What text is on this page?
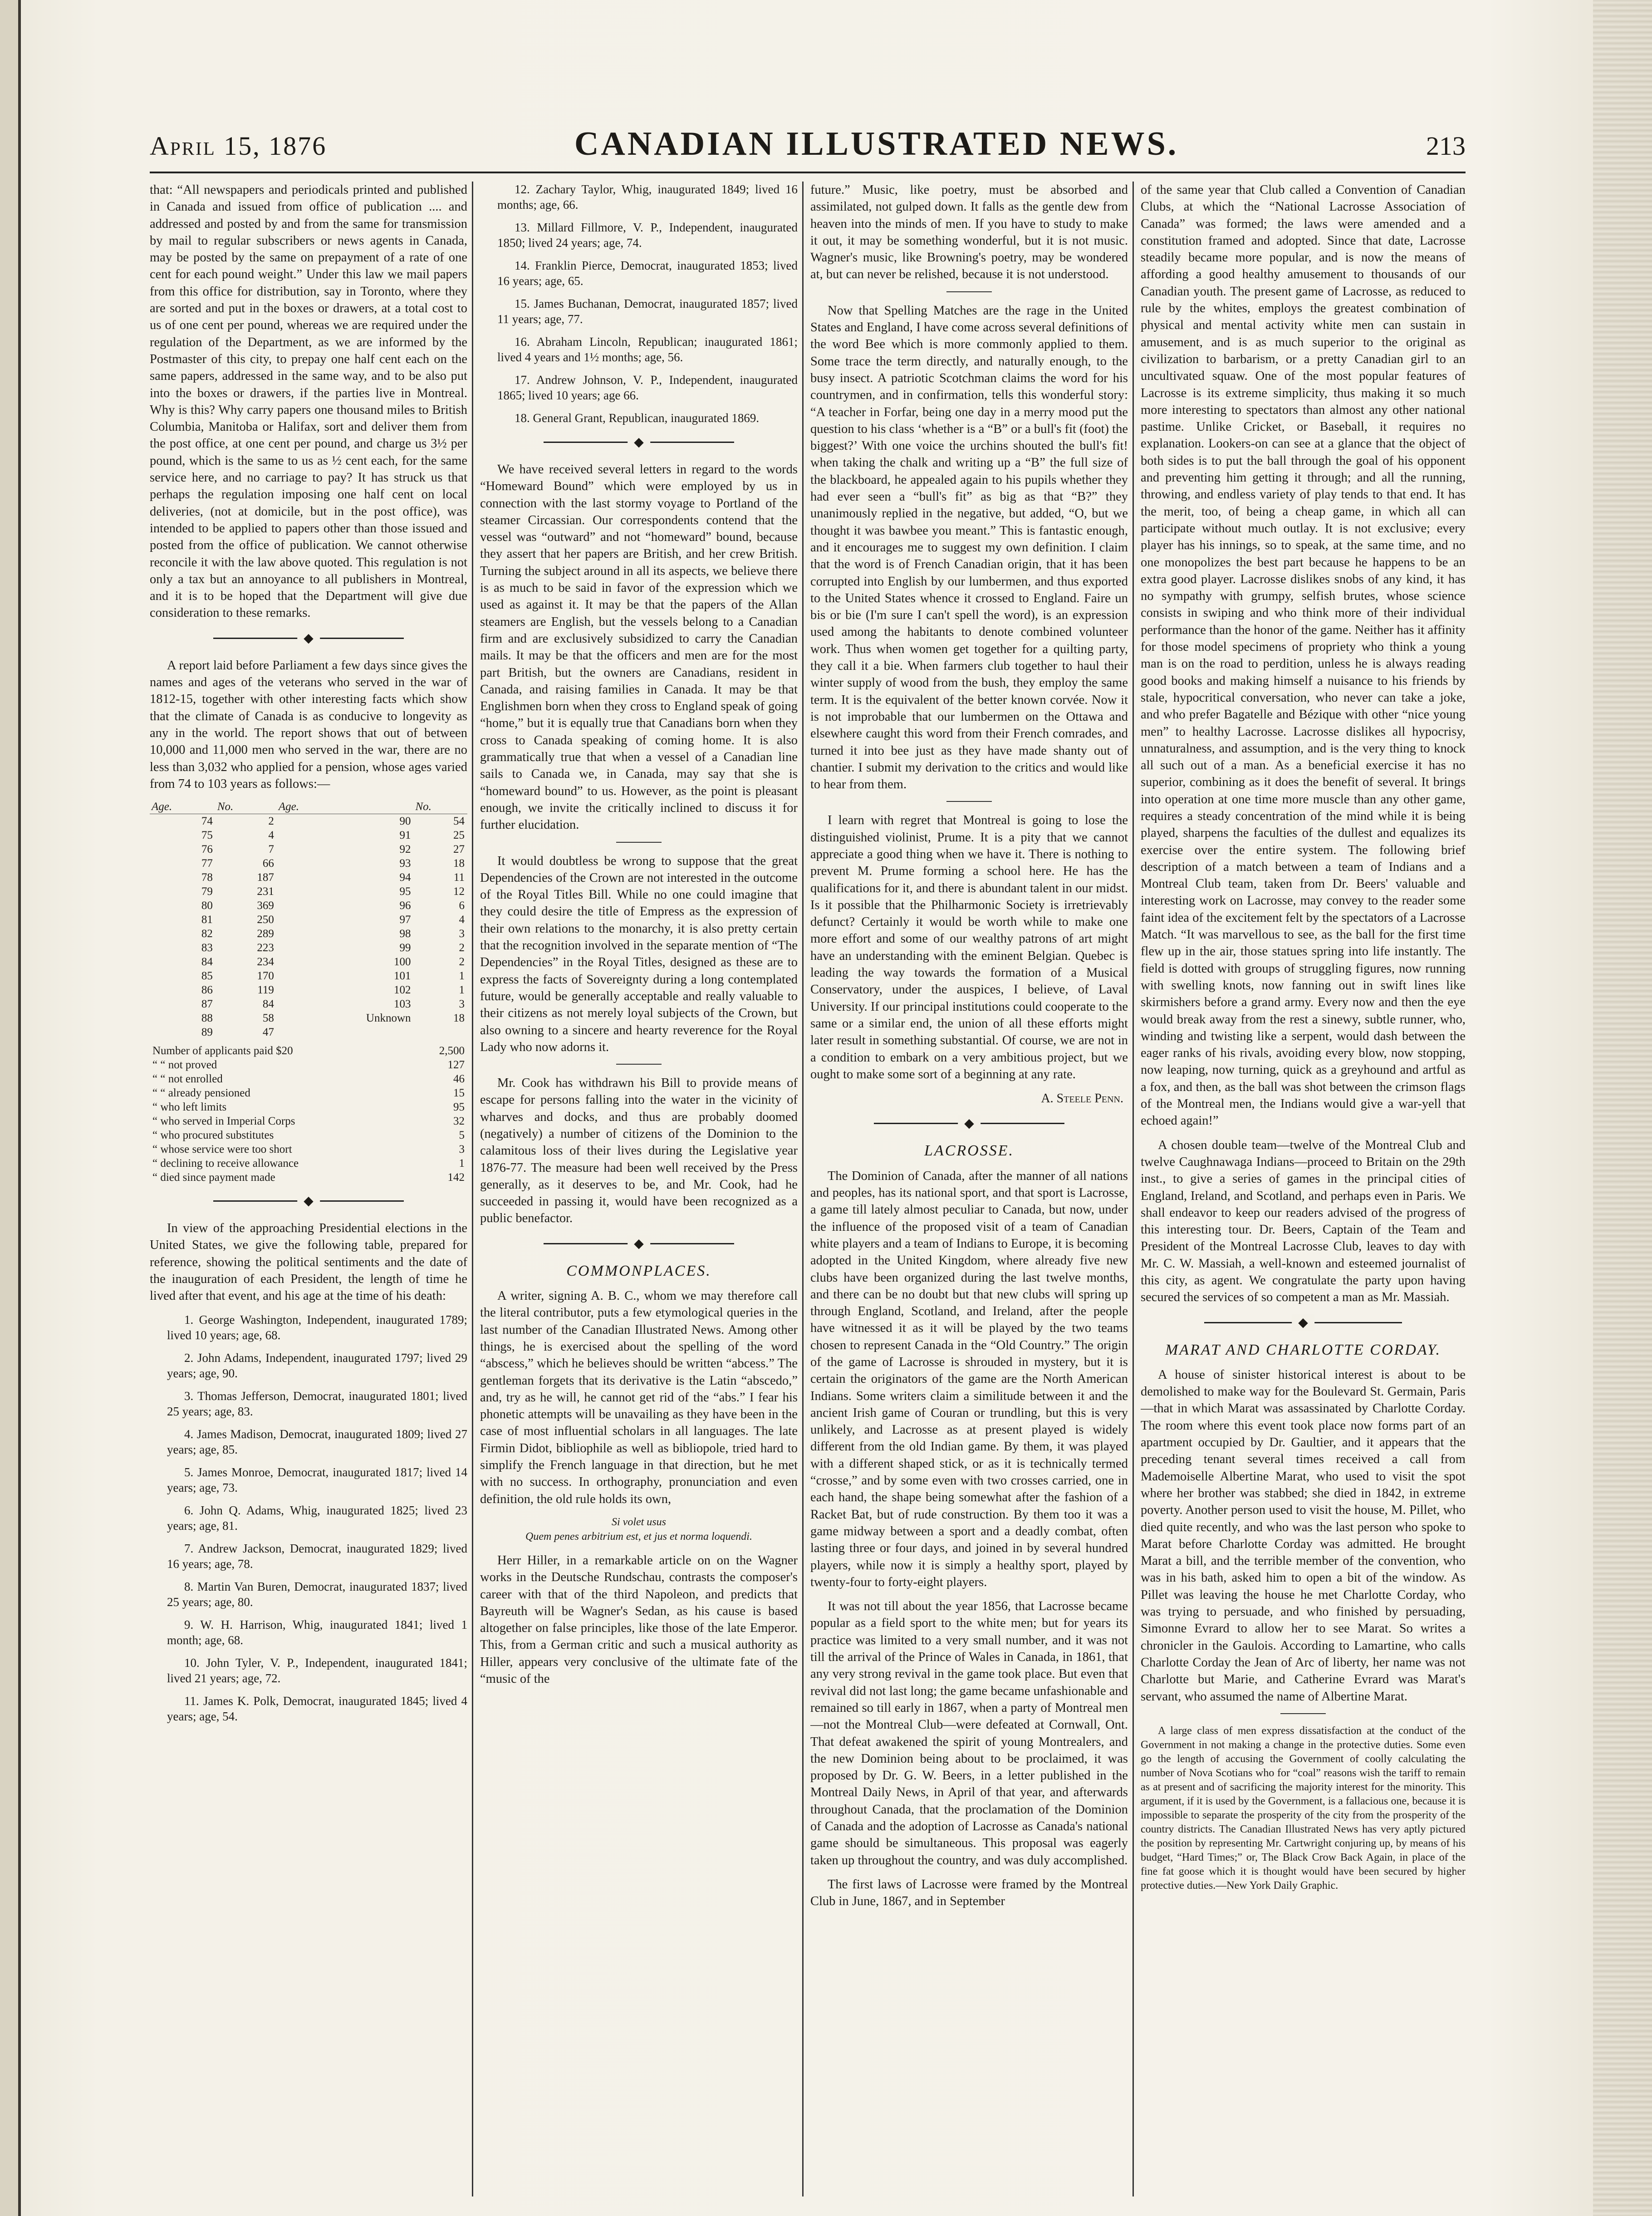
April 15, 1876	CANADIAN ILLUSTRATED NEWS.	213

that: “All newspapers and periodicals printed and published in Canada and issued from office of publication .... and addressed and posted by and from the same for transmission by mail to regular subscribers or news agents in Canada, may be posted by the same on prepayment of a rate of one cent for each pound weight.” Under this law we mail papers from this office for distribution, say in Toronto, where they are sorted and put in the boxes or drawers, at a total cost to us of one cent per pound, whereas we are required under the regulation of the Department, as we are informed by the Postmaster of this city, to prepay one half cent each on the same papers, addressed in the same way, and to be also put into the boxes or drawers, if the parties live in Montreal. Why is this? Why carry papers one thousand miles to British Columbia, Manitoba or Halifax, sort and deliver them from the post office, at one cent per pound, and charge us 3½ per pound, which is the same to us as ½ cent each, for the same service here, and no carriage to pay? It has struck us that perhaps the regulation imposing one half cent on local deliveries, (not at domicile, but in the post office), was intended to be applied to papers other than those issued and posted from the office of publication. We cannot otherwise reconcile it with the law above quoted. This regulation is not only a tax but an annoyance to all publishers in Montreal, and it is to be hoped that the Department will give due consideration to these remarks.

◆

A report laid before Parliament a few days since gives the names and ages of the veterans who served in the war of 1812-15, together with other interesting facts which show that the climate of Canada is as conducive to longevity as any in the world. The report shows that out of between 10,000 and 11,000 men who served in the war, there are no less than 3,032 who applied for a pension, whose ages varied from 74 to 103 years as follows:—

Age.	No.	Age.	No.
74	2	90	54
75	4	91	25
76	7	92	27
77	66	93	18
78	187	94	11
79	231	95	12
80	369	96	6
81	250	97	4
82	289	98	3
83	223	99	2
84	234	100	2
85	170	101	1
86	119	102	1
87	84	103	3
88	58	Unknown	18
89	47		
Number of applicants paid $20	2,500
“ “ not proved	127
“ “ not enrolled	46
“ “ already pensioned	15
“ who left limits	95
“ who served in Imperial Corps	32
“ who procured substitutes	5
“ whose service were too short	3
“ declining to receive allowance	1
“ died since payment made	142
◆

In view of the approaching Presidential elections in the United States, we give the following table, prepared for reference, showing the political sentiments and the date of the inauguration of each President, the length of time he lived after that event, and his age at the time of his death:

1. George Washington, Independent, inaugurated 1789; lived 10 years; age, 68.

2. John Adams, Independent, inaugurated 1797; lived 29 years; age, 90.

3. Thomas Jefferson, Democrat, inaugurated 1801; lived 25 years; age, 83.

4. James Madison, Democrat, inaugurated 1809; lived 27 years; age, 85.

5. James Monroe, Democrat, inaugurated 1817; lived 14 years; age, 73.

6. John Q. Adams, Whig, inaugurated 1825; lived 23 years; age, 81.

7. Andrew Jackson, Democrat, inaugurated 1829; lived 16 years; age, 78.

8. Martin Van Buren, Democrat, inaugurated 1837; lived 25 years; age, 80.

9. W. H. Harrison, Whig, inaugurated 1841; lived 1 month; age, 68.

10. John Tyler, V. P., Independent, inaugurated 1841; lived 21 years; age, 72.

11. James K. Polk, Democrat, inaugurated 1845; lived 4 years; age, 54.

12. Zachary Taylor, Whig, inaugurated 1849; lived 16 months; age, 66.

13. Millard Fillmore, V. P., Independent, inaugurated 1850; lived 24 years; age, 74.

14. Franklin Pierce, Democrat, inaugurated 1853; lived 16 years; age, 65.

15. James Buchanan, Democrat, inaugurated 1857; lived 11 years; age, 77.

16. Abraham Lincoln, Republican; inaugurated 1861; lived 4 years and 1½ months; age, 56.

17. Andrew Johnson, V. P., Independent, inaugurated 1865; lived 10 years; age 66.

18. General Grant, Republican, inaugurated 1869.

◆

We have received several letters in regard to the words “Homeward Bound” which were employed by us in connection with the last stormy voyage to Portland of the steamer Circassian. Our correspondents contend that the vessel was “outward” and not “homeward” bound, because they assert that her papers are British, and her crew British. Turning the subject around in all its aspects, we believe there is as much to be said in favor of the expression which we used as against it. It may be that the papers of the Allan steamers are English, but the vessels belong to a Canadian firm and are exclusively subsidized to carry the Canadian mails. It may be that the officers and men are for the most part British, but the owners are Canadians, resident in Canada, and raising families in Canada. It may be that Englishmen born when they cross to England speak of going “home,” but it is equally true that Canadians born when they cross to Canada speaking of coming home. It is also grammatically true that when a vessel of a Canadian line sails to Canada we, in Canada, may say that she is “homeward bound” to us. However, as the point is pleasant enough, we invite the critically inclined to discuss it for further elucidation.

It would doubtless be wrong to suppose that the great Dependencies of the Crown are not interested in the outcome of the Royal Titles Bill. While no one could imagine that they could desire the title of Empress as the expression of their own relations to the monarchy, it is also pretty certain that the recognition involved in the separate mention of “The Dependencies” in the Royal Titles, designed as these are to express the facts of Sovereignty during a long contemplated future, would be generally acceptable and really valuable to their citizens as not merely loyal subjects of the Crown, but also owning to a sincere and hearty reverence for the Royal Lady who now adorns it.

Mr. Cook has withdrawn his Bill to provide means of escape for persons falling into the water in the vicinity of wharves and docks, and thus are probably doomed (negatively) a number of citizens of the Dominion to the calamitous loss of their lives during the Legislative year 1876-77. The measure had been well received by the Press generally, as it deserves to be, and Mr. Cook, had he succeeded in passing it, would have been recognized as a public benefactor.

◆
COMMONPLACES.

A writer, signing A. B. C., whom we may therefore call the literal contributor, puts a few etymological queries in the last number of the Canadian Illustrated News. Among other things, he is exercised about the spelling of the word “abscess,” which he believes should be written “abcess.” The gentleman forgets that its derivative is the Latin “abscedo,” and, try as he will, he cannot get rid of the “abs.” I fear his phonetic attempts will be unavailing as they have been in the case of most influential scholars in all languages. The late Firmin Didot, bibliophile as well as bibliopole, tried hard to simplify the French language in that direction, but he met with no success. In orthography, pronunciation and even definition, the old rule holds its own,

Si volet usus
Quem penes arbitrium est, et jus et norma loquendi.

Herr Hiller, in a remarkable article on on the Wagner works in the Deutsche Rundschau, contrasts the composer's career with that of the third Napoleon, and predicts that Bayreuth will be Wagner's Sedan, as his cause is based altogether on false principles, like those of the late Emperor. This, from a German critic and such a musical authority as Hiller, appears very conclusive of the ultimate fate of the “music of the

future.” Music, like poetry, must be absorbed and assimilated, not gulped down. It falls as the gentle dew from heaven into the minds of men. If you have to study to make it out, it may be something wonderful, but it is not music. Wagner's music, like Browning's poetry, may be wondered at, but can never be relished, because it is not understood.

Now that Spelling Matches are the rage in the United States and England, I have come across several definitions of the word Bee which is more commonly applied to them. Some trace the term directly, and naturally enough, to the busy insect. A patriotic Scotchman claims the word for his countrymen, and in confirmation, tells this wonderful story: “A teacher in Forfar, being one day in a merry mood put the question to his class ‘whether is a “B” or a bull's fit (foot) the biggest?’ With one voice the urchins shouted the bull's fit! when taking the chalk and writing up a “B” the full size of the blackboard, he appealed again to his pupils whether they had ever seen a “bull's fit” as big as that “B?” they unanimously replied in the negative, but added, “O, but we thought it was bawbee you meant.” This is fantastic enough, and it encourages me to suggest my own definition. I claim that the word is of French Canadian origin, that it has been corrupted into English by our lumbermen, and thus exported to the United States whence it crossed to England. Faire un bis or bie (I'm sure I can't spell the word), is an expression used among the habitants to denote combined volunteer work. Thus when women get together for a quilting party, they call it a bie. When farmers club together to haul their winter supply of wood from the bush, they employ the same term. It is the equivalent of the better known corvée. Now it is not improbable that our lumbermen on the Ottawa and elsewhere caught this word from their French comrades, and turned it into bee just as they have made shanty out of chantier. I submit my derivation to the critics and would like to hear from them.

I learn with regret that Montreal is going to lose the distinguished violinist, Prume. It is a pity that we cannot appreciate a good thing when we have it. There is nothing to prevent M. Prume forming a school here. He has the qualifications for it, and there is abundant talent in our midst. Is it possible that the Philharmonic Society is irretrievably defunct? Certainly it would be worth while to make one more effort and some of our wealthy patrons of art might have an understanding with the eminent Belgian. Quebec is leading the way towards the formation of a Musical Conservatory, under the auspices, I believe, of Laval University. If our principal institutions could cooperate to the same or a similar end, the union of all these efforts might later result in something substantial. Of course, we are not in a condition to embark on a very ambitious project, but we ought to make some sort of a beginning at any rate.

A. Steele Penn.
◆
LACROSSE.

The Dominion of Canada, after the manner of all nations and peoples, has its national sport, and that sport is Lacrosse, a game till lately almost peculiar to Canada, but now, under the influence of the proposed visit of a team of Canadian white players and a team of Indians to Europe, it is becoming adopted in the United Kingdom, where already five new clubs have been organized during the last twelve months, and there can be no doubt but that new clubs will spring up through England, Scotland, and Ireland, after the people have witnessed it as it will be played by the two teams chosen to represent Canada in the “Old Country.” The origin of the game of Lacrosse is shrouded in mystery, but it is certain the originators of the game are the North American Indians. Some writers claim a similitude between it and the ancient Irish game of Couran or trundling, but this is very unlikely, and Lacrosse as at present played is widely different from the old Indian game. By them, it was played with a different shaped stick, or as it is technically termed “crosse,” and by some even with two crosses carried, one in each hand, the shape being somewhat after the fashion of a Racket Bat, but of rude construction. By them too it was a game midway between a sport and a deadly combat, often lasting three or four days, and joined in by several hundred players, while now it is simply a healthy sport, played by twenty-four to forty-eight players.

It was not till about the year 1856, that Lacrosse became popular as a field sport to the white men; but for years its practice was limited to a very small number, and it was not till the arrival of the Prince of Wales in Canada, in 1861, that any very strong revival in the game took place. But even that revival did not last long; the game became unfashionable and remained so till early in 1867, when a party of Montreal men—not the Montreal Club—were defeated at Cornwall, Ont. That defeat awakened the spirit of young Montrealers, and the new Dominion being about to be proclaimed, it was proposed by Dr. G. W. Beers, in a letter published in the Montreal Daily News, in April of that year, and afterwards throughout Canada, that the proclamation of the Dominion of Canada and the adoption of Lacrosse as Canada's national game should be simultaneous. This proposal was eagerly taken up throughout the country, and was duly accomplished.

The first laws of Lacrosse were framed by the Montreal Club in June, 1867, and in September

of the same year that Club called a Convention of Canadian Clubs, at which the “National Lacrosse Association of Canada” was formed; the laws were amended and a constitution framed and adopted. Since that date, Lacrosse steadily became more popular, and is now the means of affording a good healthy amusement to thousands of our Canadian youth. The present game of Lacrosse, as reduced to rule by the whites, employs the greatest combination of physical and mental activity white men can sustain in amusement, and is as much superior to the original as civilization to barbarism, or a pretty Canadian girl to an uncultivated squaw. One of the most popular features of Lacrosse is its extreme simplicity, thus making it so much more interesting to spectators than almost any other national pastime. Unlike Cricket, or Baseball, it requires no explanation. Lookers-on can see at a glance that the object of both sides is to put the ball through the goal of his opponent and preventing him getting it through; and all the running, throwing, and endless variety of play tends to that end. It has the merit, too, of being a cheap game, in which all can participate without much outlay. It is not exclusive; every player has his innings, so to speak, at the same time, and no one monopolizes the best part because he happens to be an extra good player. Lacrosse dislikes snobs of any kind, it has no sympathy with grumpy, selfish brutes, whose science consists in swiping and who think more of their individual performance than the honor of the game. Neither has it affinity for those model specimens of propriety who think a young man is on the road to perdition, unless he is always reading good books and making himself a nuisance to his friends by stale, hypocritical conversation, who never can take a joke, and who prefer Bagatelle and Bézique with other “nice young men” to healthy Lacrosse. Lacrosse dislikes all hypocrisy, unnaturalness, and assumption, and is the very thing to knock all such out of a man. As a beneficial exercise it has no superior, combining as it does the benefit of several. It brings into operation at one time more muscle than any other game, requires a steady concentration of the mind while it is being played, sharpens the faculties of the dullest and equalizes its exercise over the entire system. The following brief description of a match between a team of Indians and a Montreal Club team, taken from Dr. Beers' valuable and interesting work on Lacrosse, may convey to the reader some faint idea of the excitement felt by the spectators of a Lacrosse Match. “It was marvellous to see, as the ball for the first time flew up in the air, those statues spring into life instantly. The field is dotted with groups of struggling figures, now running with swelling knots, now fanning out in swift lines like skirmishers before a grand army. Every now and then the eye would break away from the rest a sinewy, subtle runner, who, winding and twisting like a serpent, would dash between the eager ranks of his rivals, avoiding every blow, now stopping, now leaping, now turning, quick as a greyhound and artful as a fox, and then, as the ball was shot between the crimson flags of the Montreal men, the Indians would give a war-yell that echoed again!”

A chosen double team—twelve of the Montreal Club and twelve Caughnawaga Indians—proceed to Britain on the 29th inst., to give a series of games in the principal cities of England, Ireland, and Scotland, and perhaps even in Paris. We shall endeavor to keep our readers advised of the progress of this interesting tour. Dr. Beers, Captain of the Team and President of the Montreal Lacrosse Club, leaves to day with Mr. C. W. Massiah, a well-known and esteemed journalist of this city, as agent. We congratulate the party upon having secured the services of so competent a man as Mr. Massiah.

◆
MARAT AND CHARLOTTE CORDAY.

A house of sinister historical interest is about to be demolished to make way for the Boulevard St. Germain, Paris—that in which Marat was assassinated by Charlotte Corday. The room where this event took place now forms part of an apartment occupied by Dr. Gaultier, and it appears that the preceding tenant several times received a call from Mademoiselle Albertine Marat, who used to visit the spot where her brother was stabbed; she died in 1842, in extreme poverty. Another person used to visit the house, M. Pillet, who died quite recently, and who was the last person who spoke to Marat before Charlotte Corday was admitted. He brought Marat a bill, and the terrible member of the convention, who was in his bath, asked him to open a bit of the window. As Pillet was leaving the house he met Charlotte Corday, who was trying to persuade, and who finished by persuading, Simonne Evrard to allow her to see Marat. So writes a chronicler in the Gaulois. According to Lamartine, who calls Charlotte Corday the Jean of Arc of liberty, her name was not Charlotte but Marie, and Catherine Evrard was Marat's servant, who assumed the name of Albertine Marat.

A large class of men express dissatisfaction at the conduct of the Government in not making a change in the protective duties. Some even go the length of accusing the Government of coolly calculating the number of Nova Scotians who for “coal” reasons wish the tariff to remain as at present and of sacrificing the majority interest for the minority. This argument, if it is used by the Government, is a fallacious one, because it is impossible to separate the prosperity of the city from the prosperity of the country districts. The Canadian Illustrated News has very aptly pictured the position by representing Mr. Cartwright conjuring up, by means of his budget, “Hard Times;” or, The Black Crow Back Again, in place of the fine fat goose which it is thought would have been secured by higher protective duties.—New York Daily Graphic.
